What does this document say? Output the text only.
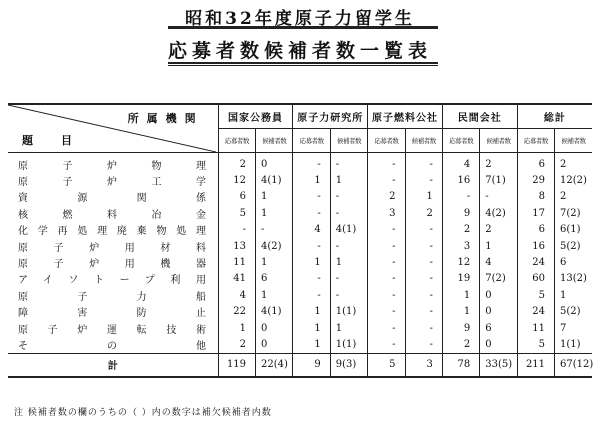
昭和32年度原子力留学生
応募者数候補者数一覧表
所属機関
題目	国家公務員		原子力研究所		原子燃料公社		民間会社		総計	
	応募者数	候補者数	応募者数	候補者数	応募者数	候補者数	応募者数	候補者数	応募者数	候補者数

原子炉物理	2	0	-	-	-	-	4	2	6	2

原子炉工学	12	4(1)	1	1	-	-	16	7(1)	29	12(2)

資源関係	6	1	-	-	2	1	-	-	8	2

核燃料冶金	5	1	-	-	3	2	9	4(2)	17	7(2)

化学再処理廃棄物処理	-	-	4	4(1)	-	-	2	2	6	6(1)

原子炉用材料	13	4(2)	-	-	-	-	3	1	16	5(2)

原子炉用機器	11	1	1	1	-	-	12	4	24	6

アイソトープ利用	41	6	-	-	-	-	19	7(2)	60	13(2)

原子力船	4	1	-	-	-	-	1	0	5	1

障害防止	22	4(1)	1	1(1)	-	-	1	0	24	5(2)

原子炉運転技術	1	0	1	1	-	-	9	6	11	7

その他	2	0	1	1(1)	-	-	2	0	5	1(1)
計	119	22(4)	9	9(3)	5	3	78	33(5)	211	67(12)
注 候補者数の欄のうちの（ ）内の数字は補欠候補者内数
